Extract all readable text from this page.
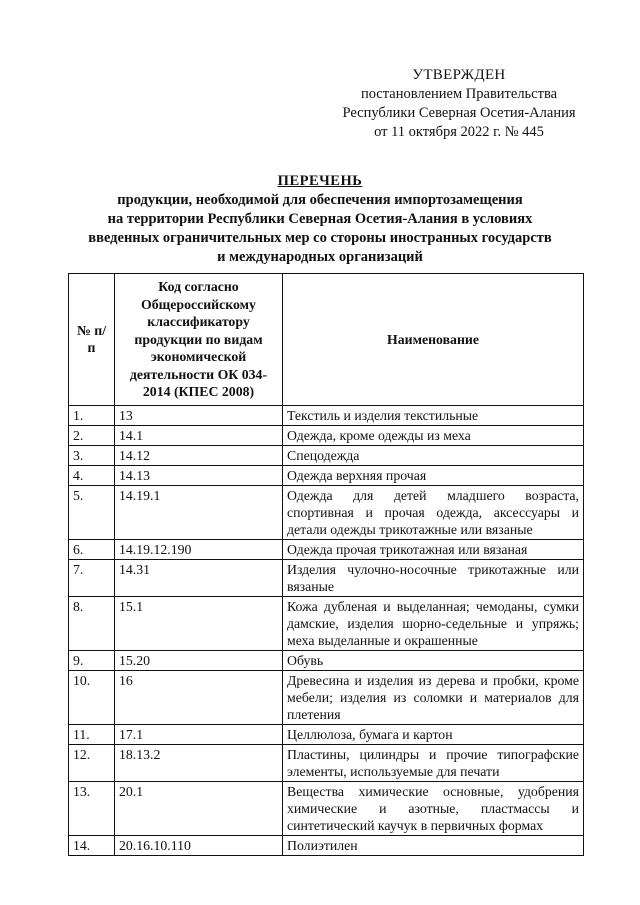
УТВЕРЖДЕН
постановлением Правительства
Республики Северная Осетия-Алания
от 11 октября 2022 г. № 445
ПЕРЕЧЕНЬ
продукции, необходимой для обеспечения импортозамещения
на территории Республики Северная Осетия-Алания в условиях
введенных ограничительных мер со стороны иностранных государств
и международных организаций
№ п/п	Код согласно Общероссийскому классификатору продукции по видам экономической деятельности ОК 034-2014 (КПЕС 2008)	Наименование
1.	13	Текстиль и изделия текстильные
2.	14.1	Одежда, кроме одежды из меха
3.	14.12	Спецодежда
4.	14.13	Одежда верхняя прочая
5.	14.19.1	Одежда для детей младшего возраста, спортивная и прочая одежда, аксессуары и детали одежды трикотажные или вязаные
6.	14.19.12.190	Одежда прочая трикотажная или вязаная
7.	14.31	Изделия чулочно-носочные трикотажные или вязаные
8.	15.1	Кожа дубленая и выделанная; чемоданы, сумки дамские, изделия шорно-седельные и упряжь; меха выделанные и окрашенные
9.	15.20	Обувь
10.	16	Древесина и изделия из дерева и пробки, кроме мебели; изделия из соломки и материалов для плетения
11.	17.1	Целлюлоза, бумага и картон
12.	18.13.2	Пластины, цилиндры и прочие типографские элементы, используемые для печати
13.	20.1	Вещества химические основные, удобрения химические и азотные, пластмассы и синтетический каучук в первичных формах
14.	20.16.10.110	Полиэтилен
